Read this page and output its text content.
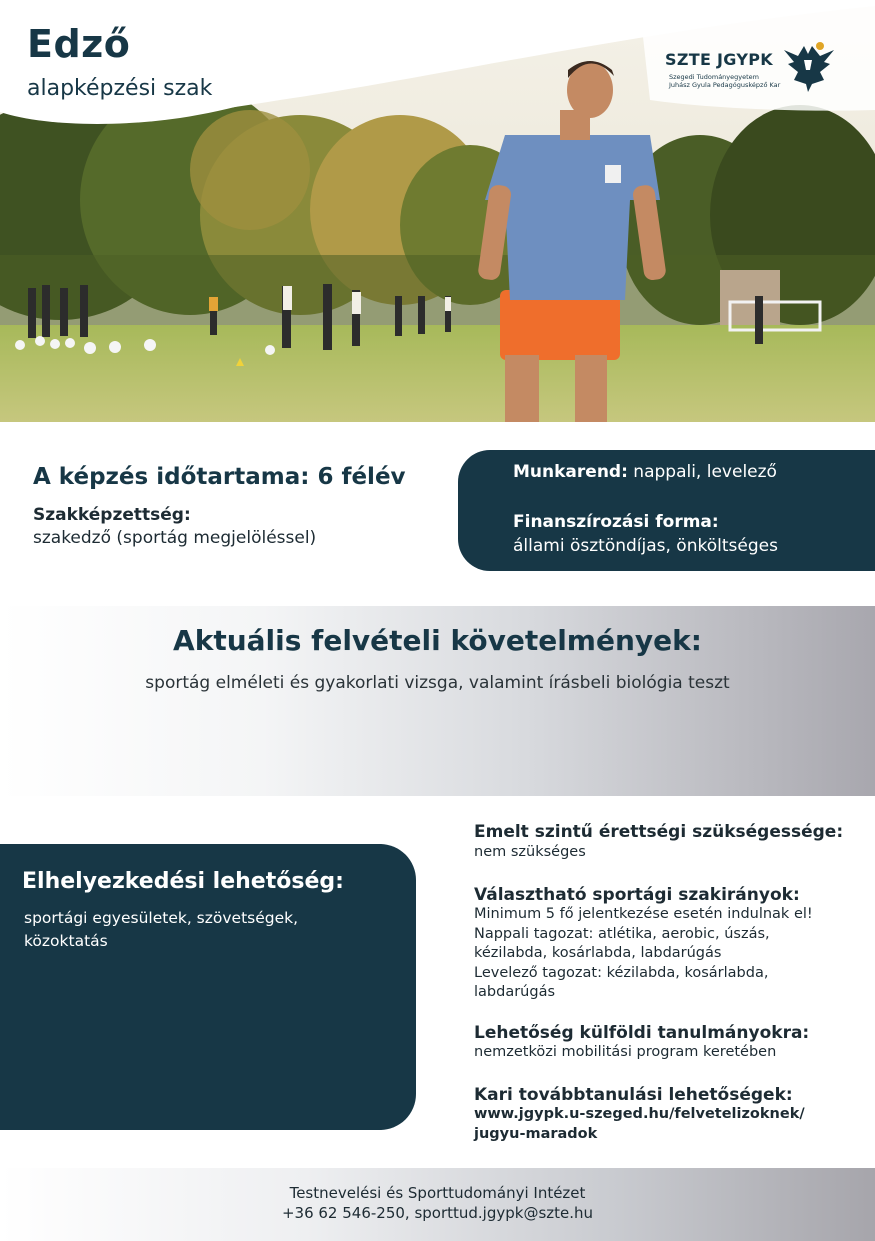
Edző
alapképzési szak
SZTE JGYPK
Szegedi Tudományegyetem
Juhász Gyula Pedagógusképző Kar
A képzés időtartama: 6 félév
Szakképzettség:
szakedző (sportág megjelöléssel)
Munkarend: nappali, levelező
Finanszírozási forma:
állami ösztöndíjas, önköltséges
Aktuális felvételi követelmények:
sportág elméleti és gyakorlati vizsga, valamint írásbeli biológia teszt
Elhelyezkedési lehetőség:
sportági egyesületek, szövetségek,
közoktatás
Emelt szintű érettségi szükségessége:
nem szükséges
Választható sportági szakirányok:
Minimum 5 fő jelentkezése esetén indulnak el!
Nappali tagozat: atlétika, aerobic, úszás,
kézilabda, kosárlabda, labdarúgás
Levelező tagozat: kézilabda, kosárlabda,
labdarúgás
Lehetőség külföldi tanulmányokra:
nemzetközi mobilitási program keretében
Kari továbbtanulási lehetőségek:
www.jgypk.u-szeged.hu/felvetelizoknek/
jugyu-maradok
Testnevelési és Sporttudományi Intézet
+36 62 546-250, sporttud.jgypk@szte.hu
